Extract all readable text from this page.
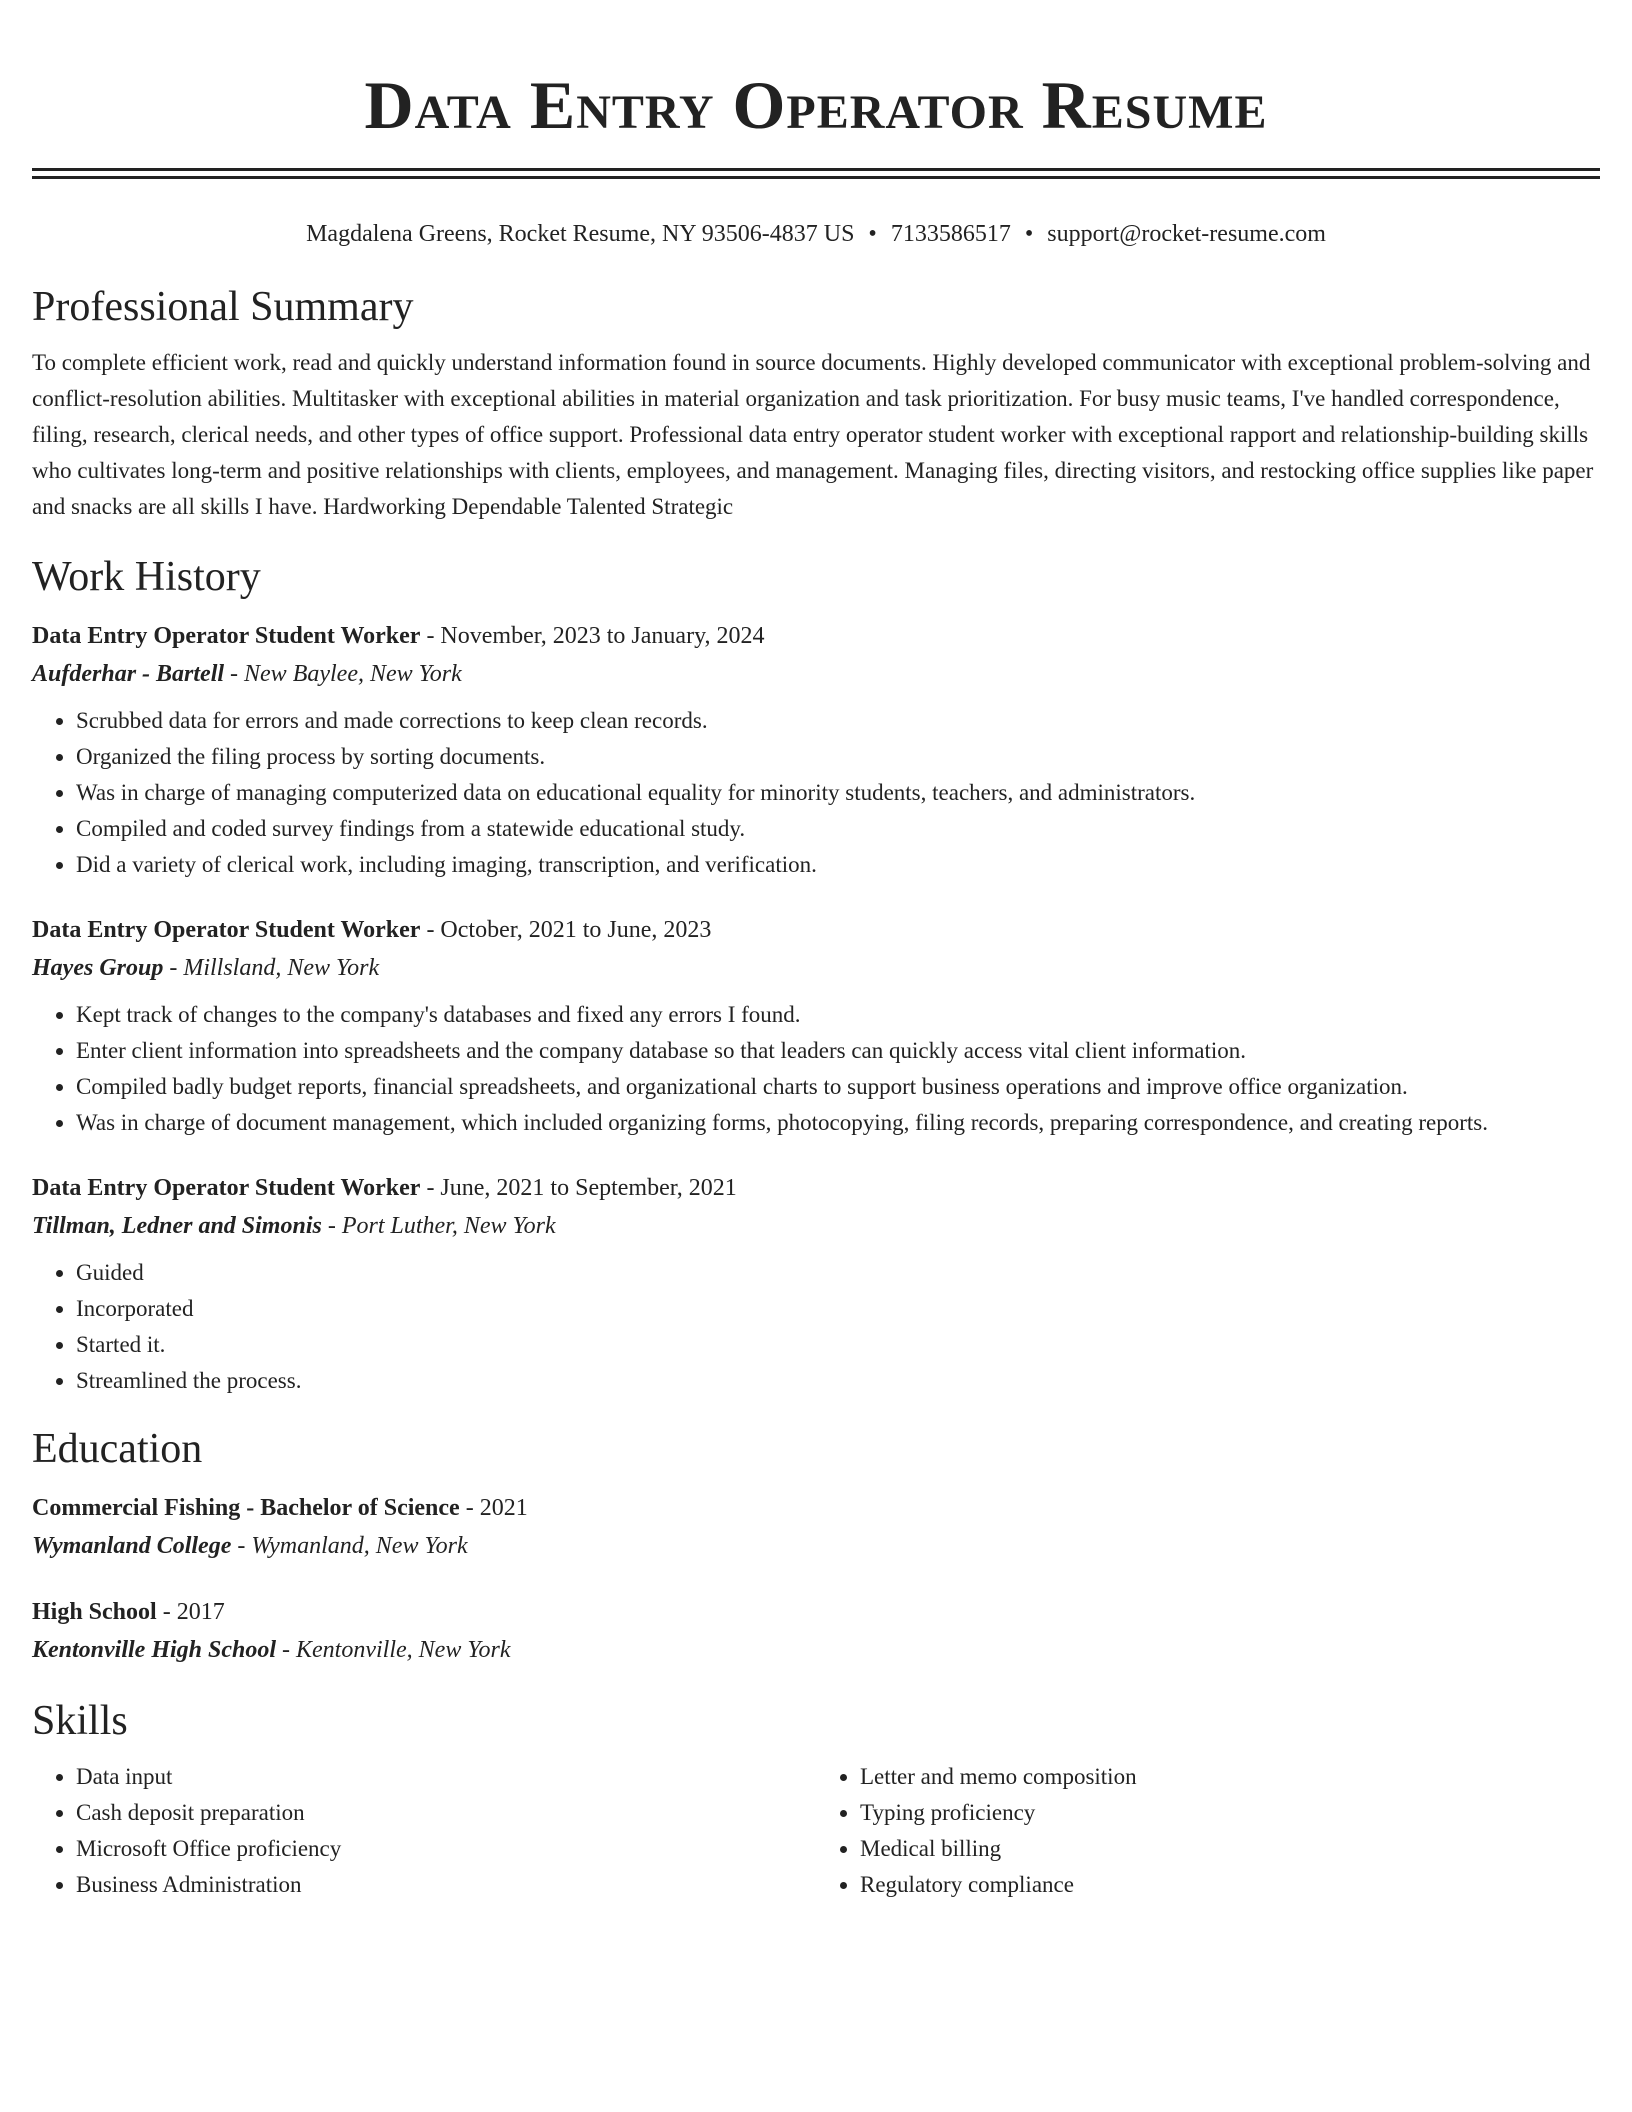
Data Entry Operator Resume
Magdalena Greens, Rocket Resume, NY 93506-4837 US • 7133586517 • support@rocket-resume.com
Professional Summary

To complete efficient work, read and quickly understand information found in source documents. Highly developed communicator with exceptional problem-solving and conflict-resolution abilities. Multitasker with exceptional abilities in material organization and task prioritization. For busy music teams, I've handled correspondence, filing, research, clerical needs, and other types of office support. Professional data entry operator student worker with exceptional rapport and relationship-building skills who cultivates long-term and positive relationships with clients, employees, and management. Managing files, directing visitors, and restocking office supplies like paper and snacks are all skills I have. Hardworking Dependable Talented Strategic

Work History
Data Entry Operator Student Worker - November, 2023 to January, 2024
Aufderhar - Bartell - New Baylee, New York
• Scrubbed data for errors and made corrections to keep clean records.
• Organized the filing process by sorting documents.
• Was in charge of managing computerized data on educational equality for minority students, teachers, and administrators.
• Compiled and coded survey findings from a statewide educational study.
• Did a variety of clerical work, including imaging, transcription, and verification.
Data Entry Operator Student Worker - October, 2021 to June, 2023
Hayes Group - Millsland, New York
• Kept track of changes to the company's databases and fixed any errors I found.
• Enter client information into spreadsheets and the company database so that leaders can quickly access vital client information.
• Compiled badly budget reports, financial spreadsheets, and organizational charts to support business operations and improve office organization.
• Was in charge of document management, which included organizing forms, photocopying, filing records, preparing correspondence, and creating reports.
Data Entry Operator Student Worker - June, 2021 to September, 2021
Tillman, Ledner and Simonis - Port Luther, New York
• Guided
• Incorporated
• Started it.
• Streamlined the process.
Education
Commercial Fishing - Bachelor of Science - 2021
Wymanland College - Wymanland, New York
High School - 2017
Kentonville High School - Kentonville, New York
Skills
• Data input
• Cash deposit preparation
• Microsoft Office proficiency
• Business Administration
• Letter and memo composition
• Typing proficiency
• Medical billing
• Regulatory compliance
